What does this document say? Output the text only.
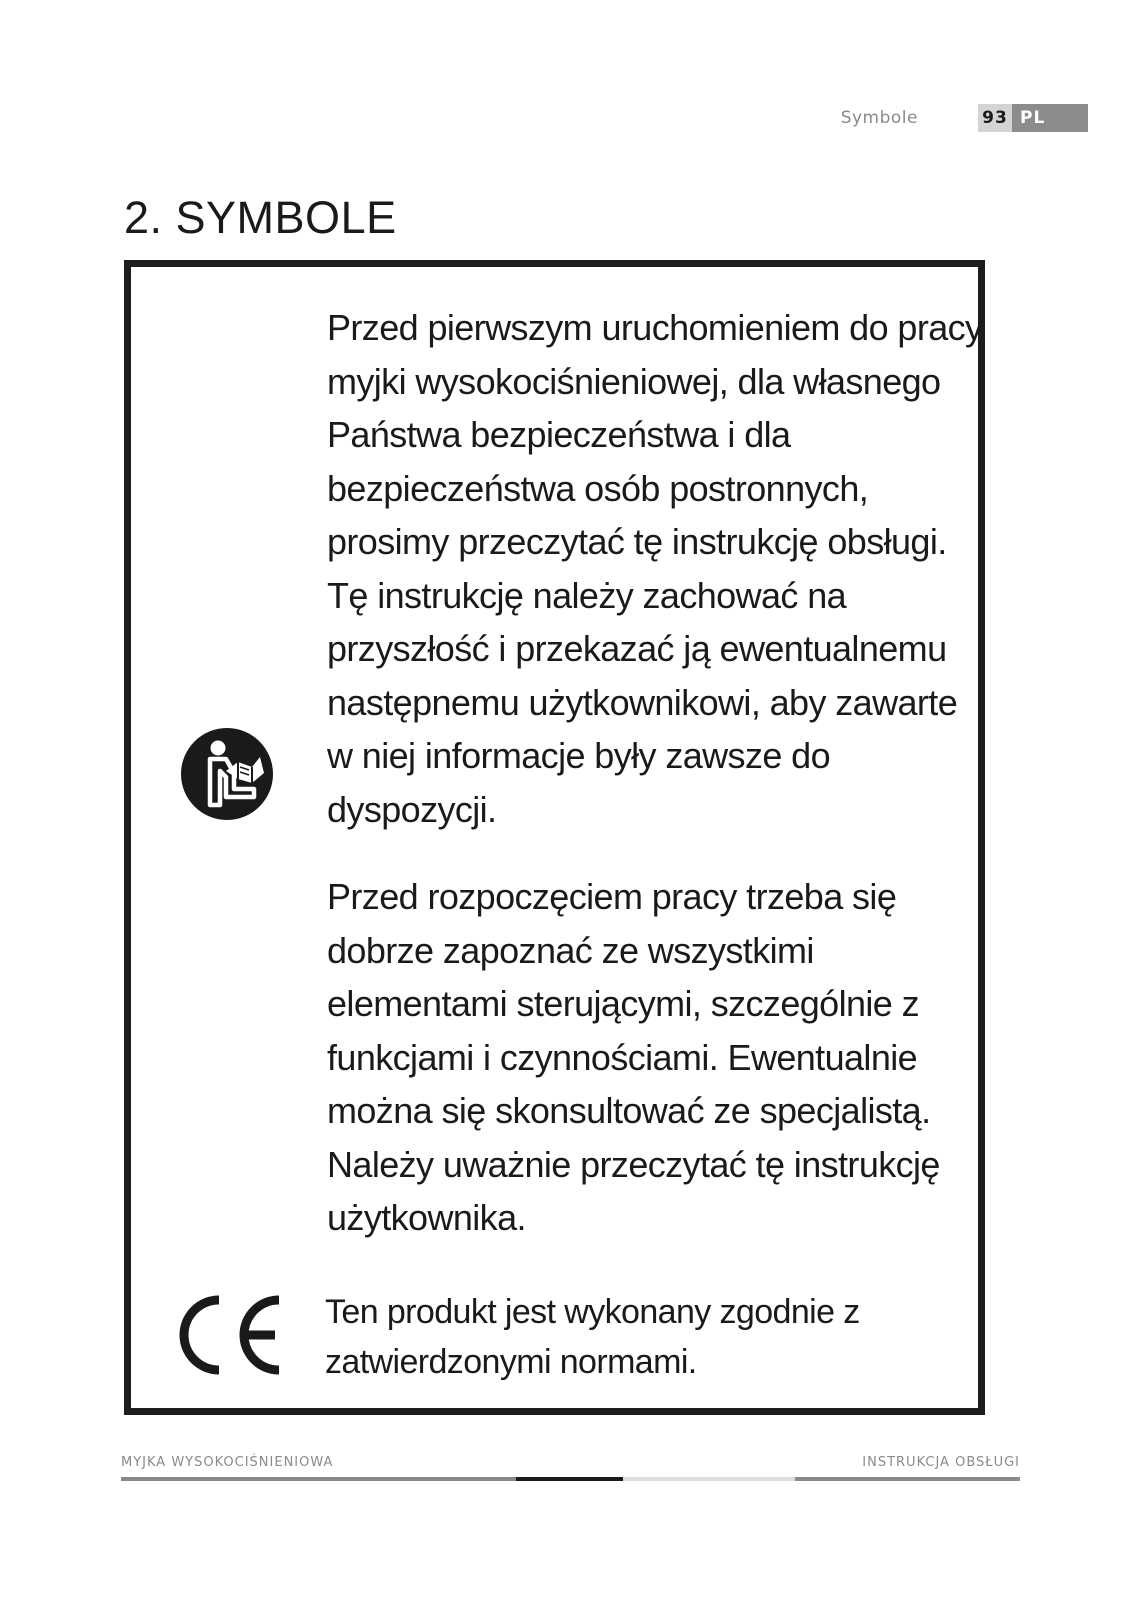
Symbole	93 PL
2. SYMBOLE

Przed pierwszym uruchomieniem do pracy myjki wysokociśnieniowej, dla własnego Państwa bezpieczeństwa i dla bezpieczeństwa osób postronnych, prosimy przeczytać tę instrukcję obsługi. Tę instrukcję należy zachować na przyszłość i przekazać ją ewentualnemu następnemu użytkownikowi, aby zawarte w niej informacje były zawsze do dyspozycji.

Przed rozpoczęciem pracy trzeba się dobrze zapoznać ze wszystkimi elementami sterującymi, szczególnie z funkcjami i czynnościami. Ewentualnie można się skonsultować ze specjalistą. Należy uważnie przeczytać tę instrukcję użytkownika.

Ten produkt jest wykonany zgodnie z zatwierdzonymi normami.

MYJKA WYSOKOCIŚNIENIOWA	INSTRUKCJA OBSŁUGI
